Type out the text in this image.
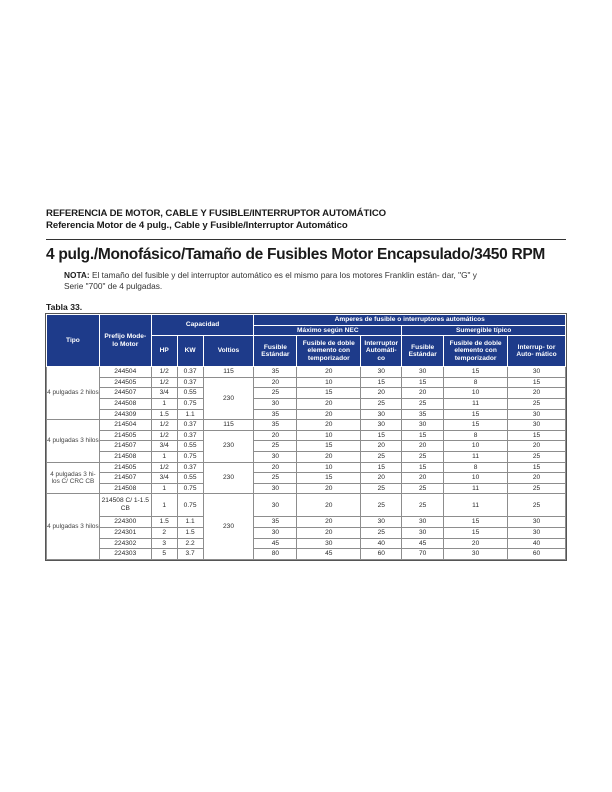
REFERENCIA DE MOTOR, CABLE Y FUSIBLE/INTERRUPTOR AUTOMÁTICO
Referencia Motor de 4 pulg., Cable y Fusible/Interruptor Automático
4 pulg./Monofásico/Tamaño de Fusibles Motor Encapsulado/3450 RPM
NOTA: El tamaño del fusible y del interruptor automático es el mismo para los motores Franklin están- dar, "G" y Serie "700" de 4 pulgadas.
Tabla 33.
Tipo	Prefijo Mode- lo Motor	Capacidad			Amperes de fusible o interruptores automáticos					
					Máximo según NEC			Sumergible típico		
		HP	KW	Voltios	Fusible Estándar	Fusible de doble elemento con temporizador	Interruptor Automáti- co	Fusible Estándar	Fusible de doble elemento con temporizador	Interrup- tor Auto- mático
4 pulgadas 2 hilos	244504	1/2	0.37	115	35	20	30	30	15	30
	244505	1/2	0.37	230	20	10	15	15	8	15
	244507	3/4	0.55		25	15	20	20	10	20
	244508	1	0.75		30	20	25	25	11	25
	244309	1.5	1.1		35	20	30	35	15	30
4 pulgadas 3 hilos	214504	1/2	0.37	115	35	20	30	30	15	30
	214505	1/2	0.37	230	20	10	15	15	8	15
	214507	3/4	0.55		25	15	20	20	10	20
	214508	1	0.75		30	20	25	25	11	25
4 pulgadas 3 hi- los C/ CRC CB	214505	1/2	0.37	230	20	10	15	15	8	15
	214507	3/4	0.55		25	15	20	20	10	20
	214508	1	0.75		30	20	25	25	11	25
4 pulgadas 3 hilos	214508 C/ 1-1.5 CB	1	0.75	230	30	20	25	25	11	25
	224300	1.5	1.1		35	20	30	30	15	30
	224301	2	1.5		30	20	25	30	15	30
	224302	3	2.2		45	30	40	45	20	40
	224303	5	3.7		80	45	60	70	30	60
